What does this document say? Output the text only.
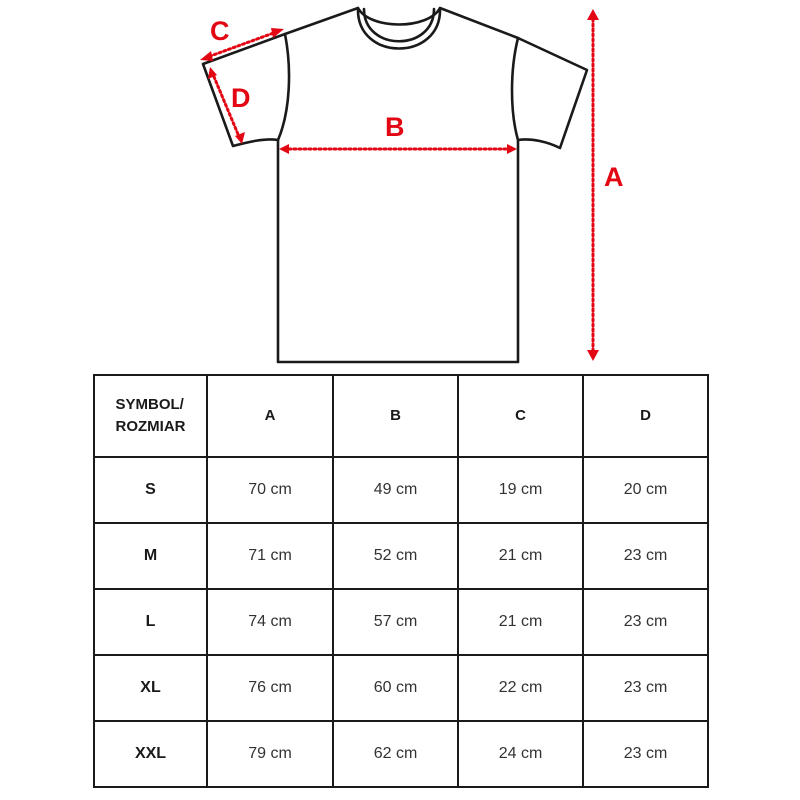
A
B
C
D
SYMBOL/
ROZMIAR	A	B	C	D
S	70 cm	49 cm	19 cm	20 cm
M	71 cm	52 cm	21 cm	23 cm
L	74 cm	57 cm	21 cm	23 cm
XL	76 cm	60 cm	22 cm	23 cm
XXL	79 cm	62 cm	24 cm	23 cm
